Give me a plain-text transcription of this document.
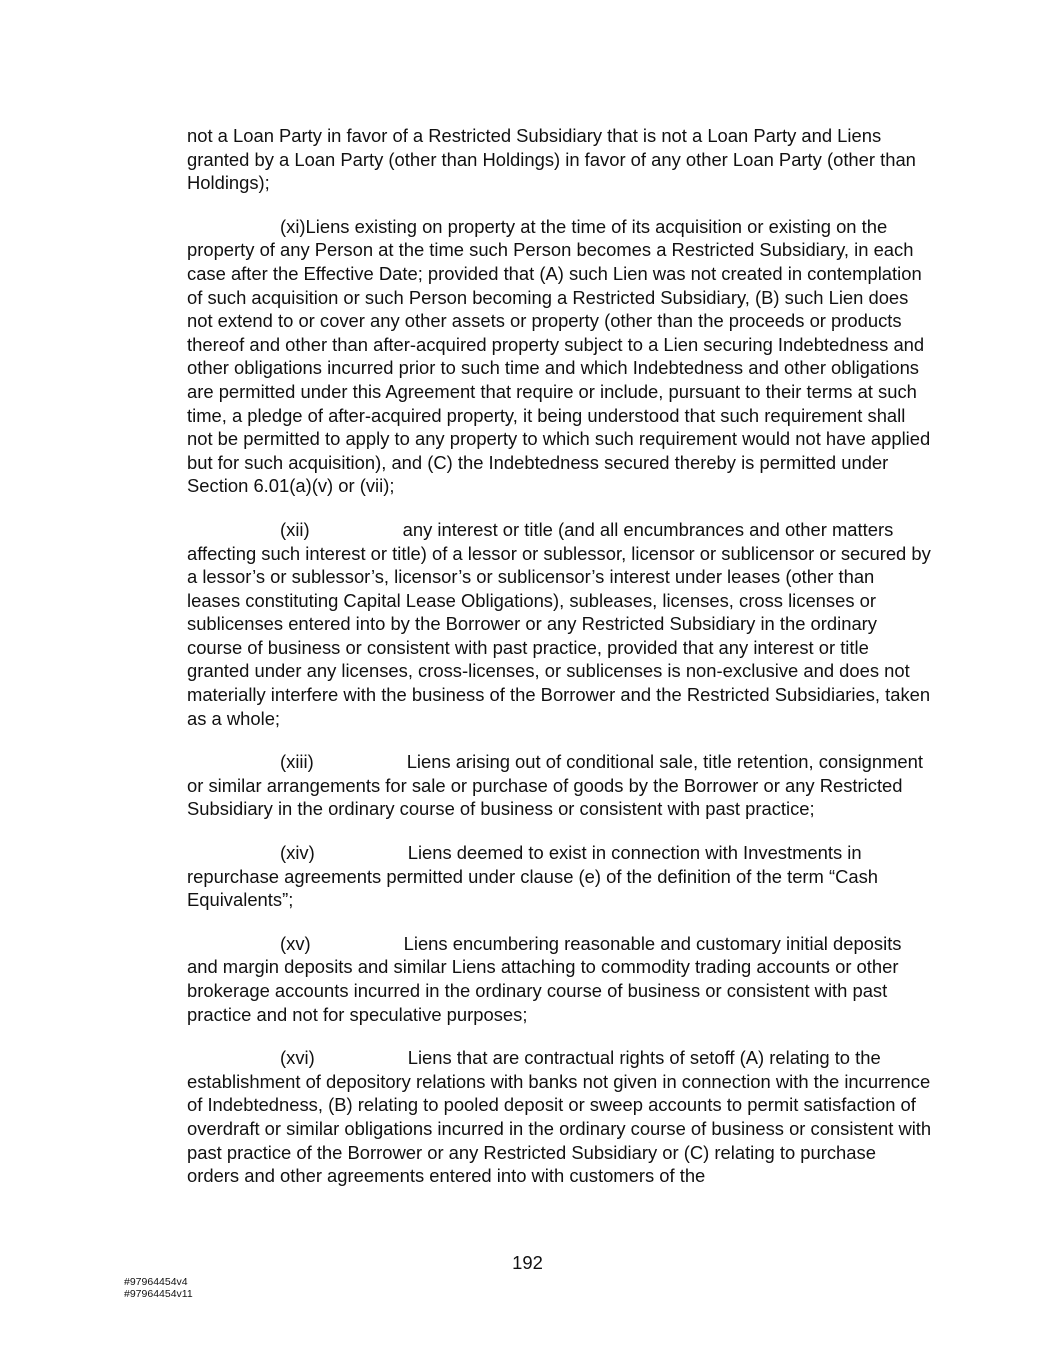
not a Loan Party in favor of a Restricted Subsidiary that is not a Loan Party and Liens granted by a Loan Party (other than Holdings) in favor of any other Loan Party (other than Holdings);

(xi)Liens existing on property at the time of its acquisition or existing on the property of any Person at the time such Person becomes a Restricted Subsidiary, in each case after the Effective Date; provided that (A) such Lien was not created in contemplation of such acquisition or such Person becoming a Restricted Subsidiary, (B) such Lien does not extend to or cover any other assets or property (other than the proceeds or products thereof and other than after-acquired property subject to a Lien securing Indebtedness and other obligations incurred prior to such time and which Indebtedness and other obligations are permitted under this Agreement that require or include, pursuant to their terms at such time, a pledge of after-acquired property, it being understood that such requirement shall not be permitted to apply to any property to which such requirement would not have applied but for such acquisition), and (C) the Indebtedness secured thereby is permitted under Section 6.01(a)(v) or (vii);

(xii)	any interest or title (and all encumbrances and other matters affecting such interest or title) of a lessor or sublessor, licensor or sublicensor or secured by a lessor’s or sublessor’s, licensor’s or sublicensor’s interest under leases (other than leases constituting Capital Lease Obligations), subleases, licenses, cross licenses or sublicenses entered into by the Borrower or any Restricted Subsidiary in the ordinary course of business or consistent with past practice, provided that any interest or title granted under any licenses, cross-licenses, or sublicenses is non-exclusive and does not materially interfere with the business of the Borrower and the Restricted Subsidiaries, taken as a whole;

(xiii)	Liens arising out of conditional sale, title retention, consignment or similar arrangements for sale or purchase of goods by the Borrower or any Restricted Subsidiary in the ordinary course of business or consistent with past practice;

(xiv)	Liens deemed to exist in connection with Investments in repurchase agreements permitted under clause (e) of the definition of the term “Cash Equivalents”;

(xv)	Liens encumbering reasonable and customary initial deposits and margin deposits and similar Liens attaching to commodity trading accounts or other brokerage accounts incurred in the ordinary course of business or consistent with past practice and not for speculative purposes;

(xvi)	Liens that are contractual rights of setoff (A) relating to the establishment of depository relations with banks not given in connection with the incurrence of Indebtedness, (B) relating to pooled deposit or sweep accounts to permit satisfaction of overdraft or similar obligations incurred in the ordinary course of business or consistent with past practice of the Borrower or any Restricted Subsidiary or (C) relating to purchase orders and other agreements entered into with customers of the

192
#97964454v4
#97964454v11
